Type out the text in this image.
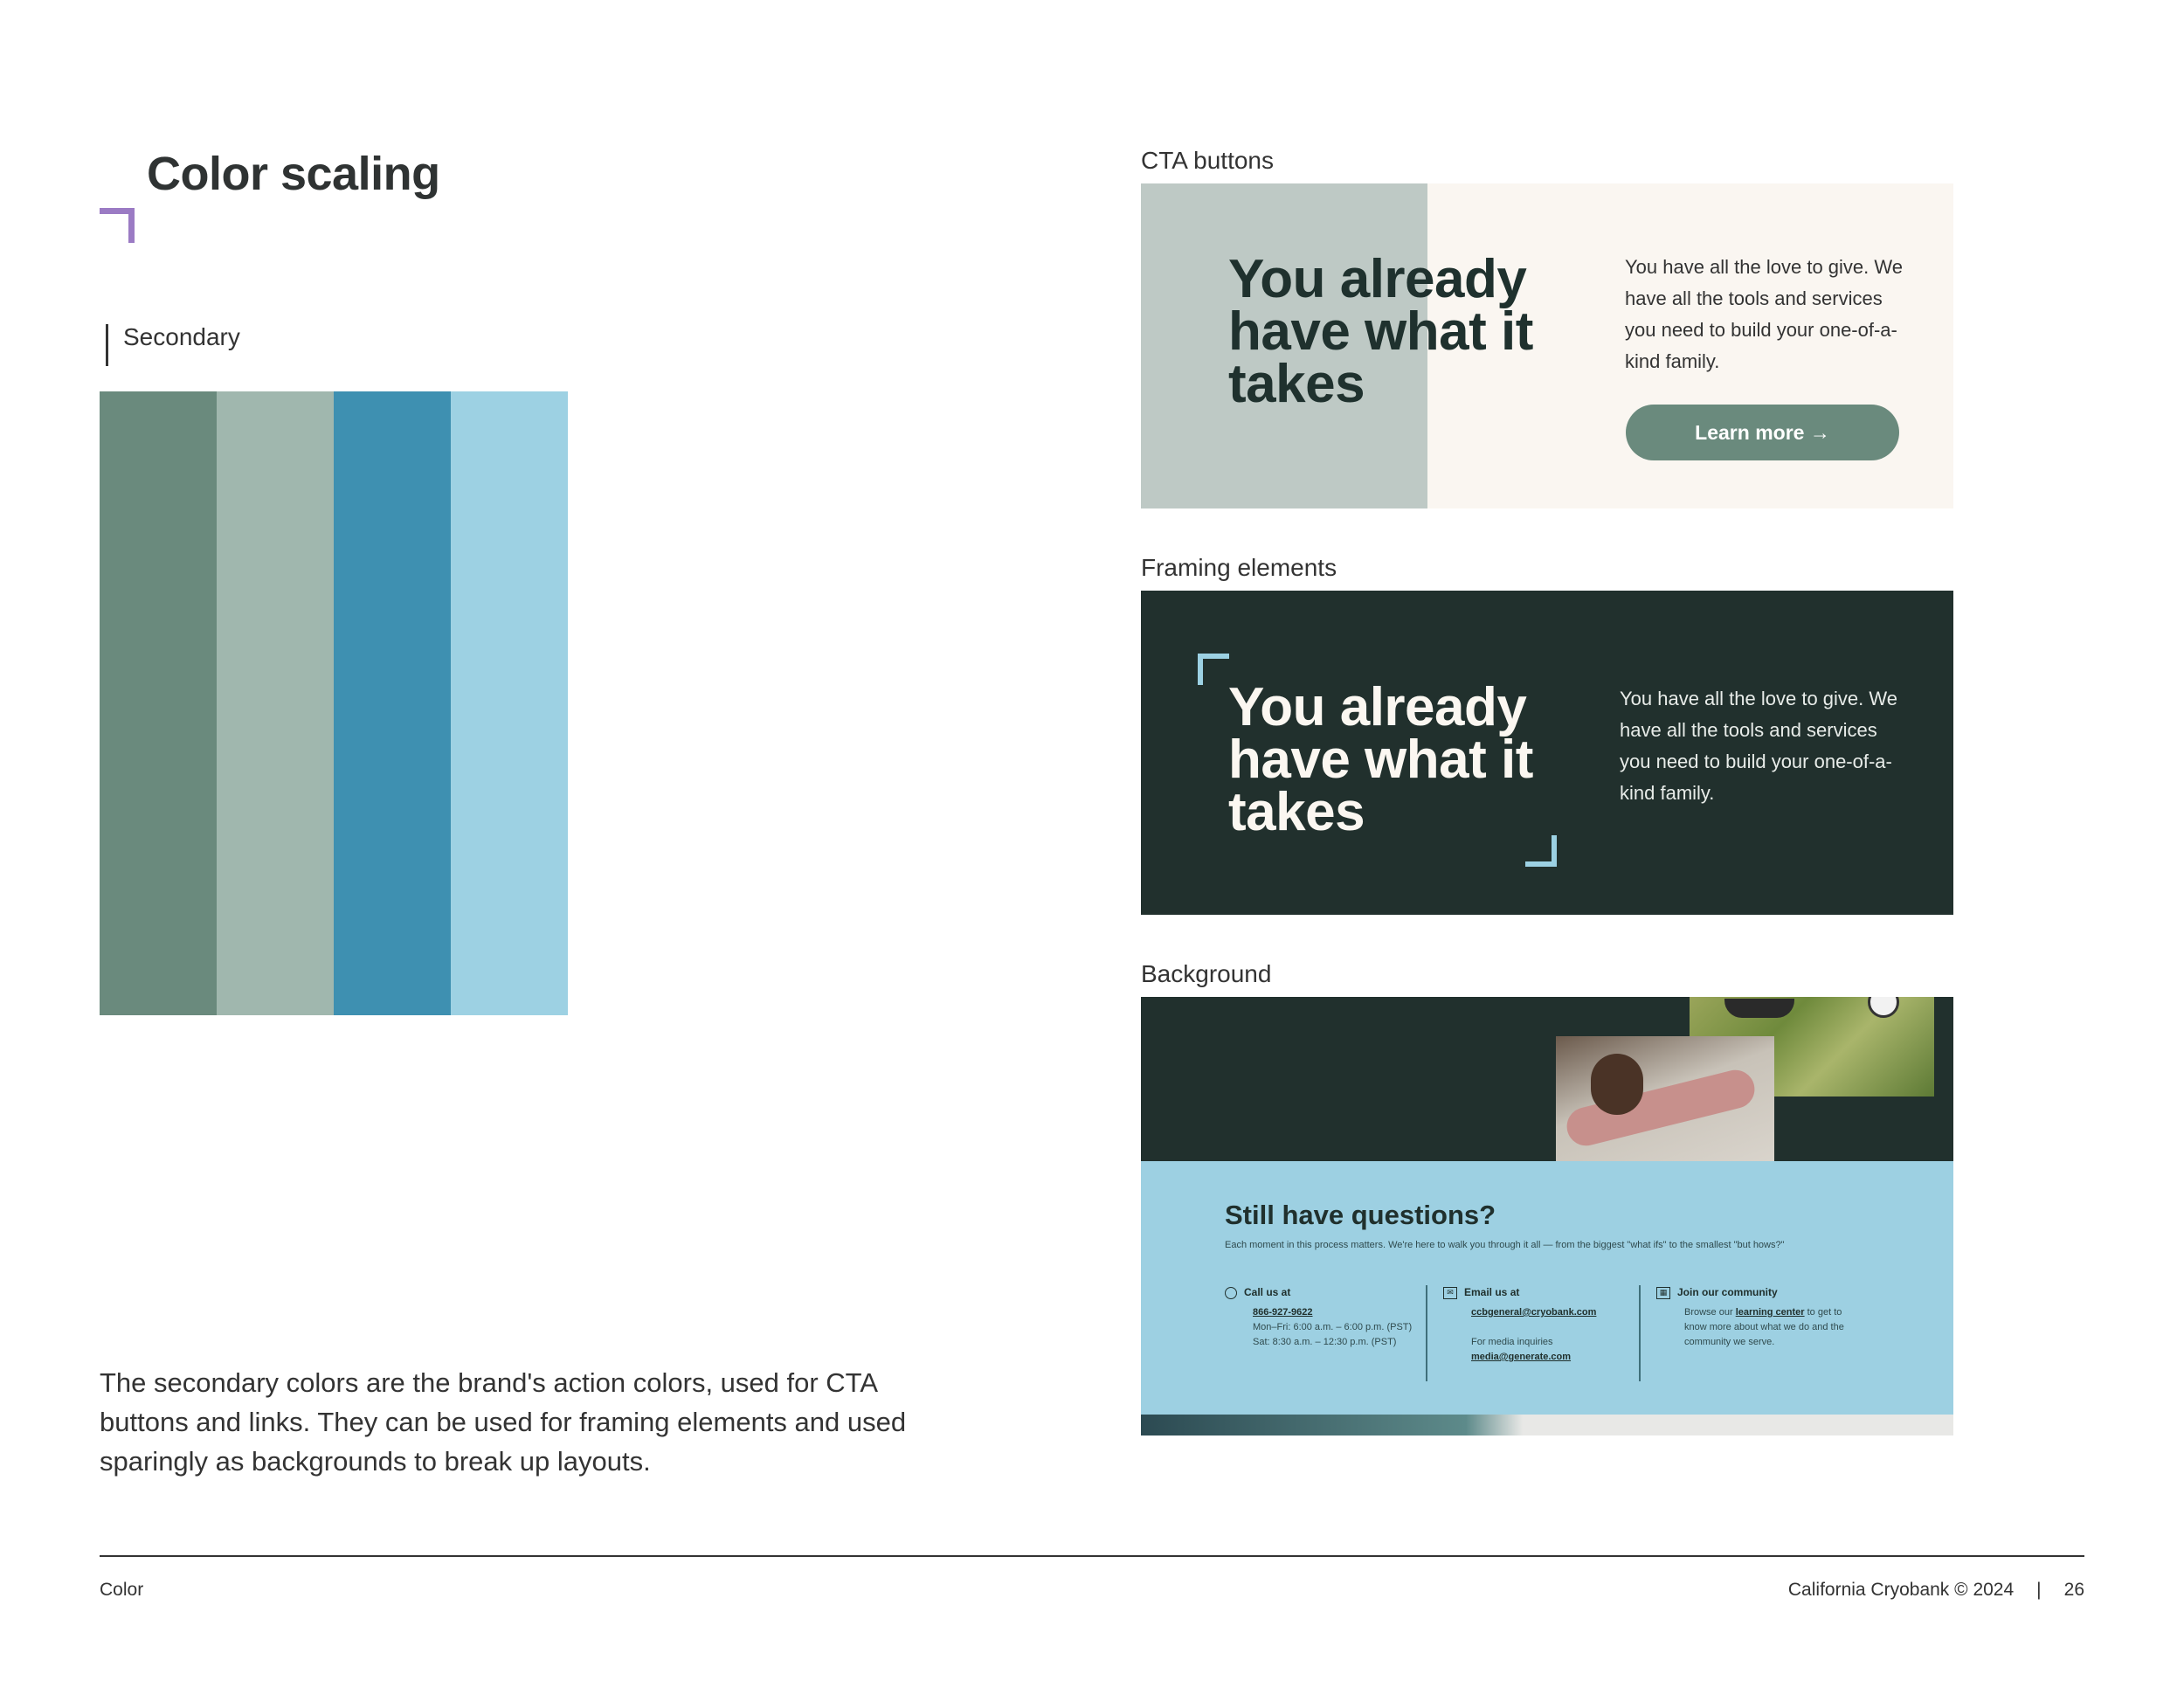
Color scaling
Secondary
The secondary colors are the brand's action colors, used for CTA buttons and links. They can be used for framing elements and used sparingly as backgrounds to break up layouts.
CTA buttons
You already
have what it
takes
You have all the love to give. We have all the tools and services you need to build your one-of-a-kind family.
Learn more →
Framing elements
You already
have what it
takes
You have all the love to give. We have all the tools and services you need to build your one-of-a-kind family.
Background
Still have questions?
Each moment in this process matters. We're here to walk you through it all — from the biggest "what ifs" to the smallest "but hows?"
Call us at
866-927-9622
Mon–Fri: 6:00 a.m. – 6:00 p.m. (PST)
Sat: 8:30 a.m. – 12:30 p.m. (PST)
✉	Email us at
ccbgeneral@cryobank.com
For media inquiries
media@generate.com
▦ Join our community
Browse our learning center to get to know more about what we do and the community we serve.
Color	California Cryobank © 2024 | 26
